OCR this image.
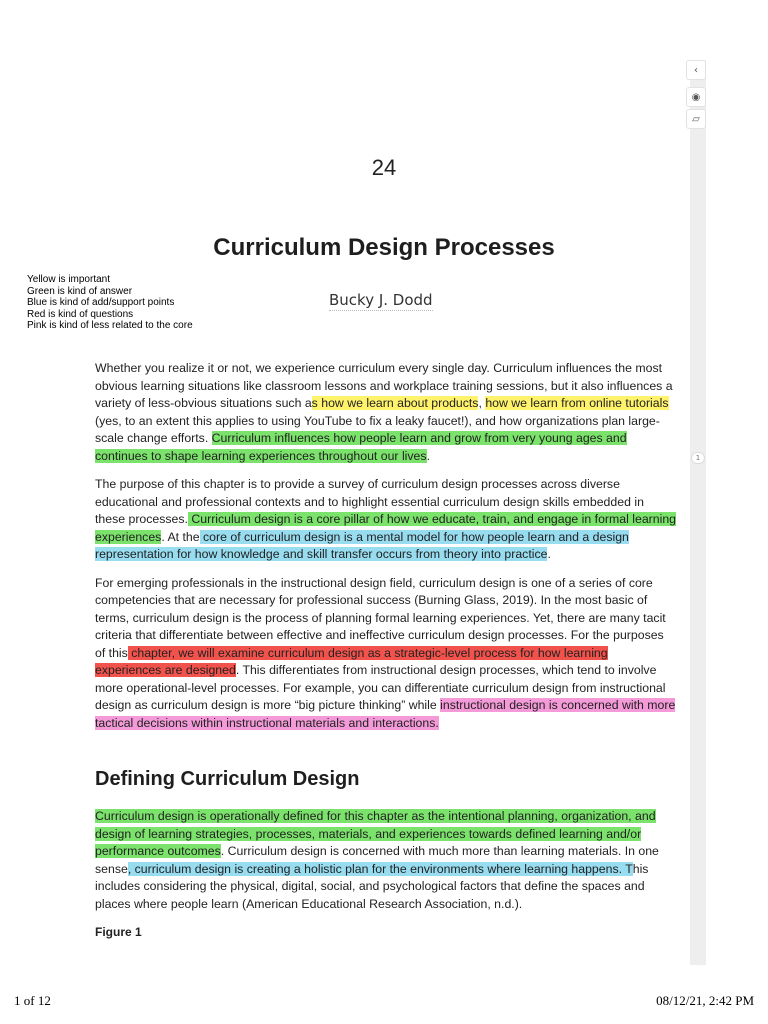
24
Curriculum Design Processes
Bucky J. Dodd
Yellow is important
Green is kind of answer
Blue is kind of add/support points
Red is kind of questions
Pink is kind of less related to the core

Whether you realize it or not, we experience curriculum every single day. Curriculum influences the most obvious learning situations like classroom lessons and workplace training sessions, but it also influences a variety of less-obvious situations such as how we learn about products, how we learn from online tutorials (yes, to an extent this applies to using YouTube to fix a leaky faucet!), and how organizations plan large-scale change efforts. Curriculum influences how people learn and grow from very young ages and continues to shape learning experiences throughout our lives.

The purpose of this chapter is to provide a survey of curriculum design processes across diverse educational and professional contexts and to highlight essential curriculum design skills embedded in these processes. Curriculum design is a core pillar of how we educate, train, and engage in formal learning experiences. At the core of curriculum design is a mental model for how people learn and a design representation for how knowledge and skill transfer occurs from theory into practice.

For emerging professionals in the instructional design field, curriculum design is one of a series of core competencies that are necessary for professional success (Burning Glass, 2019). In the most basic of terms, curriculum design is the process of planning formal learning experiences. Yet, there are many tacit criteria that differentiate between effective and ineffective curriculum design processes. For the purposes of this chapter, we will examine curriculum design as a strategic-level process for how learning experiences are designed. This differentiates from instructional design processes, which tend to involve more operational-level processes. For example, you can differentiate curriculum design from instructional design as curriculum design is more “big picture thinking” while instructional design is concerned with more tactical decisions within instructional materials and interactions.

Defining Curriculum Design

Curriculum design is operationally defined for this chapter as the intentional planning, organization, and design of learning strategies, processes, materials, and experiences towards defined learning and/or performance outcomes. Curriculum design is concerned with much more than learning materials. In one sense, curriculum design is creating a holistic plan for the environments where learning happens. This includes considering the physical, digital, social, and psychological factors that define the spaces and places where people learn (American Educational Research Association, n.d.).

Figure 1
‹
◉
▱
1
1 of 12	08/12/21, 2:42 PM
